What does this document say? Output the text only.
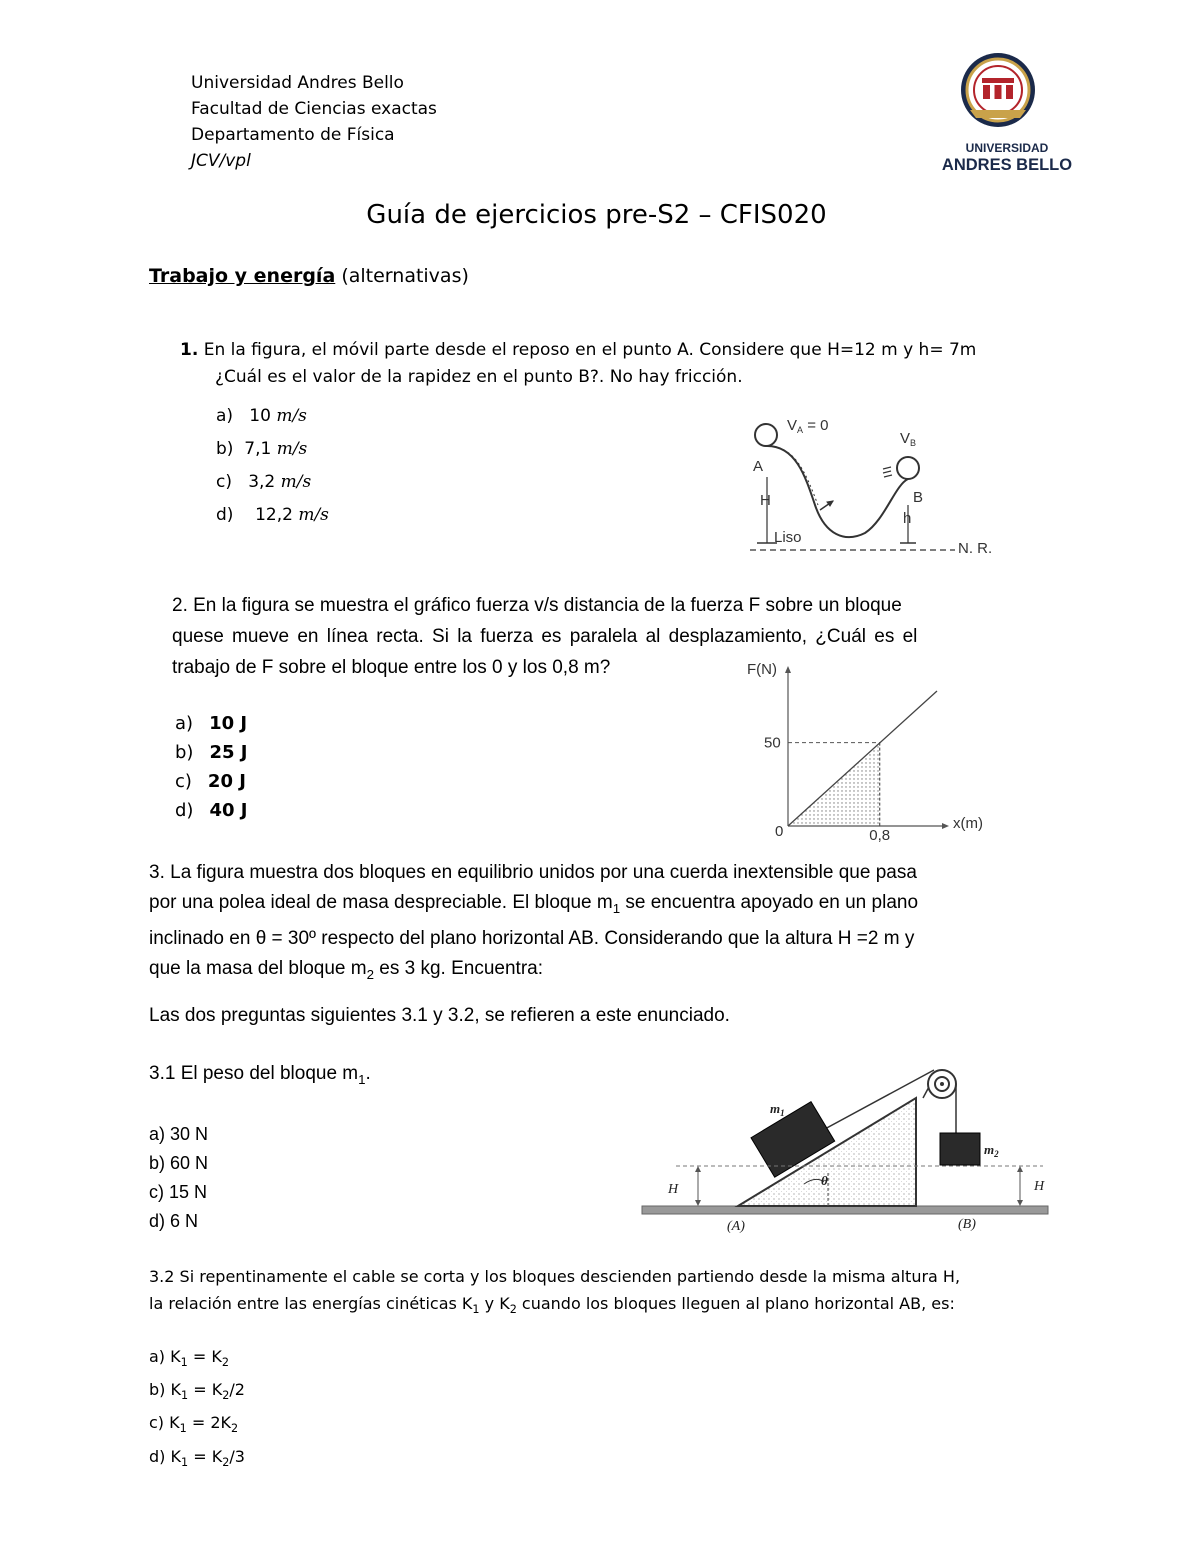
Universidad Andres Bello
Facultad de Ciencias exactas
Departamento de Física
JCV/vpl
UNIVERSIDAD
ANDRES BELLO
Guía de ejercicios pre-S2 – CFIS020
Trabajo y energía (alternativas)
1. En la figura, el móvil parte desde el reposo en el punto A. Considere que H=12 m y h= 7m
¿Cuál es el valor de la rapidez en el punto B?. No hay fricción.
a) 10 m/s
b) 7,1 m/s
c) 3,2 m/s
d) 12,2 m/s
$V_A = 0$
$V_B$
A
H	B
h
Liso
N. R.
2. En la figura se muestra el gráfico fuerza v/s distancia de la fuerza F sobre un bloque
quese mueve en línea recta. Si la fuerza es paralela al desplazamiento, ¿Cuál es el
trabajo de F sobre el bloque entre los 0 y los 0,8 m?
a) 10 J
b) 25 J
c) 20 J
d) 40 J
F(N)
x(m)
50
0	0,8
3. La figura muestra dos bloques en equilibrio unidos por una cuerda inextensible que pasa
por una polea ideal de masa despreciable. El bloque $m_1$ se encuentra apoyado en un plano
inclinado en θ = 30º respecto del plano horizontal AB. Considerando que la altura H =2 m y
que la masa del bloque $m_2$ es 3 kg. Encuentra:
Las dos preguntas siguientes 3.1 y 3.2, se refieren a este enunciado.
3.1 El peso del bloque $m_1$.
a) 30 N
b) 60 N
c) 15 N
d) 6 N
$m_1$
$m_2$
θ
H	H
(A)	(B)
3.2 Si repentinamente el cable se corta y los bloques descienden partiendo desde la misma altura H,
la relación entre las energías cinéticas $K_1$ y $K_2$ cuando los bloques lleguen al plano horizontal AB, es:
a) $K_1 = K_2$
b) $K_1 = K_2/2$
c) $K_1 = 2K_2$
d) $K_1 = K_2/3$
